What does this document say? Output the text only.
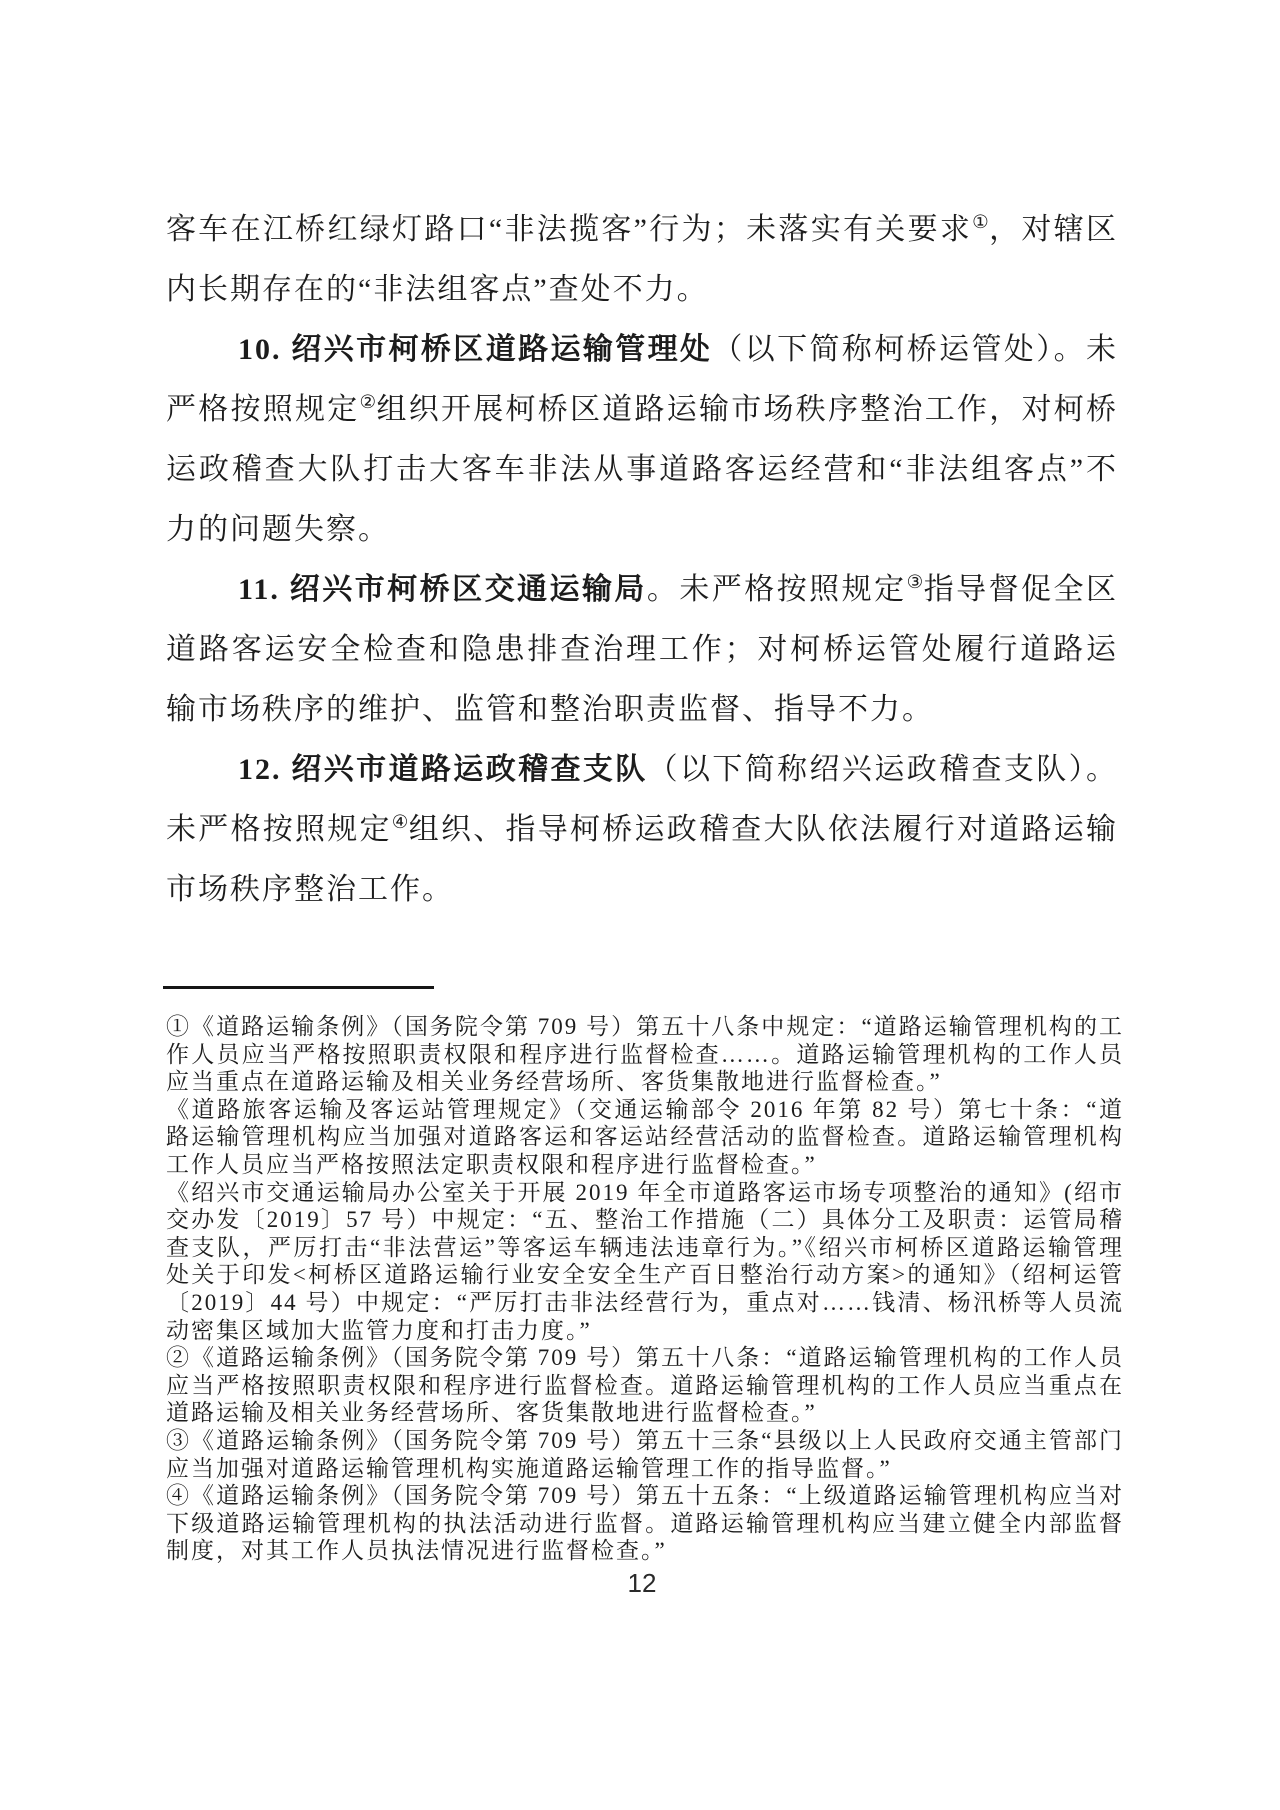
客车在江桥红绿灯路口“非法揽客”行为；未落实有关要求①，对辖区内长期存在的“非法组客点”查处不力。

10. 绍兴市柯桥区道路运输管理处（以下简称柯桥运管处）。未严格按照规定②组织开展柯桥区道路运输市场秩序整治工作，对柯桥运政稽查大队打击大客车非法从事道路客运经营和“非法组客点”不力的问题失察。

11. 绍兴市柯桥区交通运输局。未严格按照规定③指导督促全区道路客运安全检查和隐患排查治理工作；对柯桥运管处履行道路运输市场秩序的维护、监管和整治职责监督、指导不力。

12. 绍兴市道路运政稽查支队（以下简称绍兴运政稽查支队）。未严格按照规定④组织、指导柯桥运政稽查大队依法履行对道路运输市场秩序整治工作。

①《道路运输条例》（国务院令第 709 号）第五十八条中规定：“道路运输管理机构的工作人员应当严格按照职责权限和程序进行监督检查……。道路运输管理机构的工作人员应当重点在道路运输及相关业务经营场所、客货集散地进行监督检查。”

《道路旅客运输及客运站管理规定》（交通运输部令 2016 年第 82 号）第七十条：“道路运输管理机构应当加强对道路客运和客运站经营活动的监督检查。道路运输管理机构工作人员应当严格按照法定职责权限和程序进行监督检查。”

《绍兴市交通运输局办公室关于开展 2019 年全市道路客运市场专项整治的通知》(绍市交办发〔2019〕57 号）中规定：“五、整治工作措施（二）具体分工及职责：运管局稽查支队，严厉打击“非法营运”等客运车辆违法违章行为。”《绍兴市柯桥区道路运输管理处关于印发<柯桥区道路运输行业安全安全生产百日整治行动方案>的通知》（绍柯运管〔2019〕44 号）中规定：“严厉打击非法经营行为，重点对……钱清、杨汛桥等人员流动密集区域加大监管力度和打击力度。”

②《道路运输条例》（国务院令第 709 号）第五十八条：“道路运输管理机构的工作人员应当严格按照职责权限和程序进行监督检查。道路运输管理机构的工作人员应当重点在道路运输及相关业务经营场所、客货集散地进行监督检查。”

③《道路运输条例》（国务院令第 709 号）第五十三条“县级以上人民政府交通主管部门应当加强对道路运输管理机构实施道路运输管理工作的指导监督。”

④《道路运输条例》（国务院令第 709 号）第五十五条：“上级道路运输管理机构应当对下级道路运输管理机构的执法活动进行监督。道路运输管理机构应当建立健全内部监督制度，对其工作人员执法情况进行监督检查。”

12
